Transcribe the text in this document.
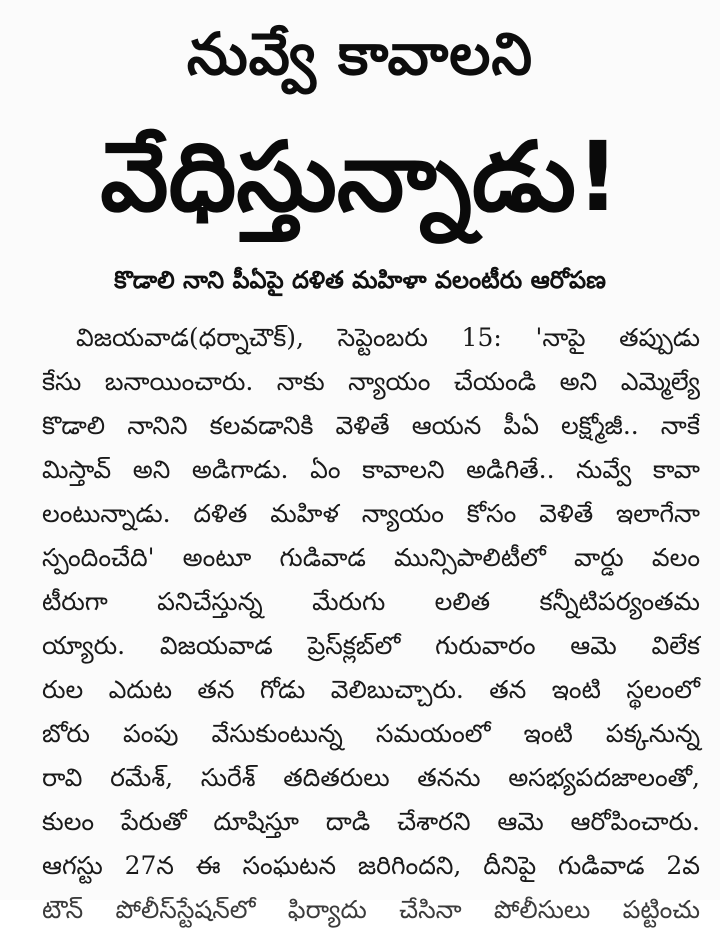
నువ్వే కావాలని
వేధిస్తున్నాడు!
కొడాలి నాని పీఏపై దళిత మహిళా వలంటీరు ఆరోపణ
విజయవాడ(ధర్నాచౌక్), సెప్టెంబరు 15: 'నాపై తప్పుడు
కేసు బనాయించారు. నాకు న్యాయం చేయండి అని ఎమ్మెల్యే
కొడాలి నానిని కలవడానికి వెళితే ఆయన పీఏ లక్ష్మోజీ.. నాకే
మిస్తావ్ అని అడిగాడు. ఏం కావాలని అడిగితే.. నువ్వే కావా
లంటున్నాడు. దళిత మహిళ న్యాయం కోసం వెళితే ఇలాగేనా
స్పందించేది' అంటూ గుడివాడ మున్సిపాలిటీలో వార్డు వలం
టీరుగా పనిచేస్తున్న మేరుగు లలిత కన్నీటిపర్యంతమ
య్యారు. విజయవాడ ప్రెస్‌క్లబ్‌లో గురువారం ఆమె విలేక
రుల ఎదుట తన గోడు వెలిబుచ్చారు. తన ఇంటి స్థలంలో
బోరు పంపు వేసుకుంటున్న సమయంలో ఇంటి పక్కనున్న
రావి రమేశ్, సురేశ్ తదితరులు తనను అసభ్యపదజాలంతో,
కులం పేరుతో దూషిస్తూ దాడి చేశారని ఆమె ఆరోపించారు.
ఆగస్టు 27న ఈ సంఘటన జరిగిందని, దీనిపై గుడివాడ 2వ
టౌన్ పోలీస్‌స్టేషన్‌లో ఫిర్యాదు చేసినా పోలీసులు పట్టించు
